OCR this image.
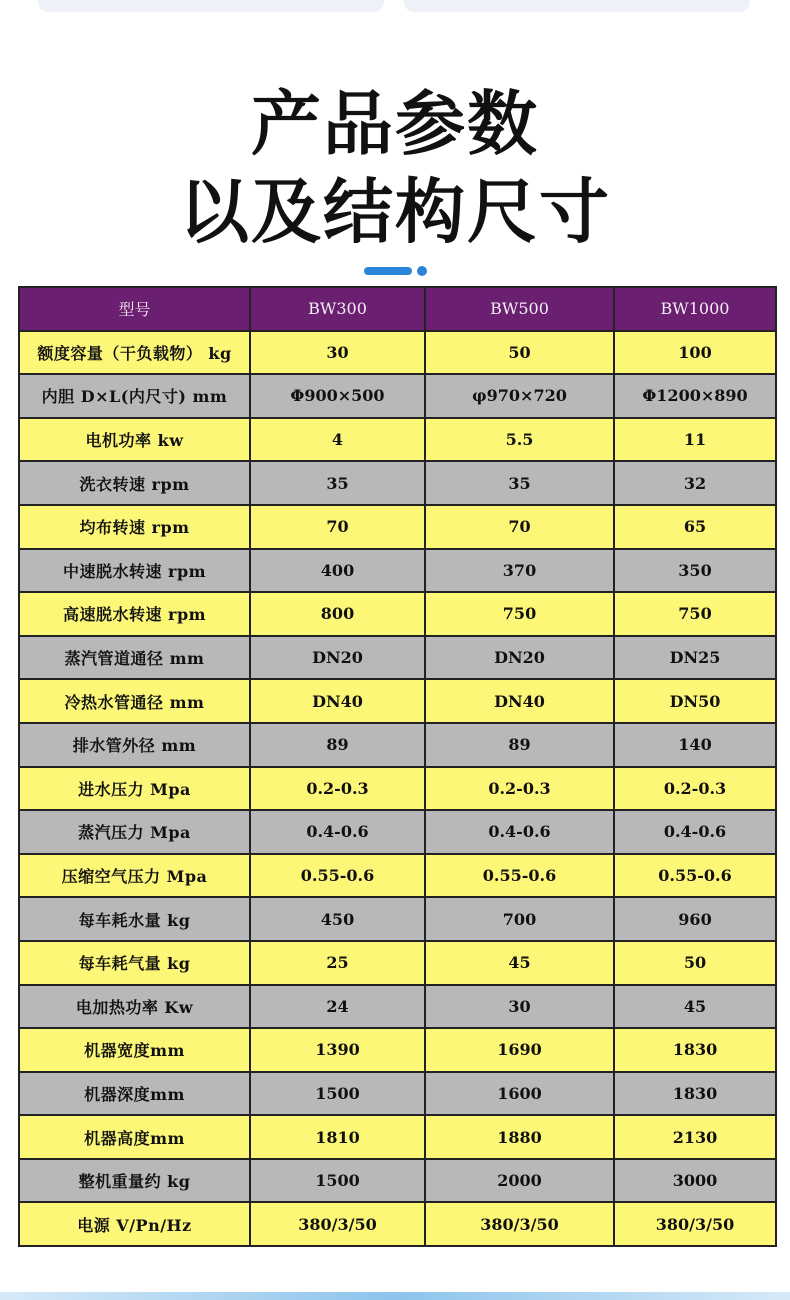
产品参数
以及结构尺寸
型号	BW300	BW500	BW1000
额度容量（干负载物） kg	30	50	100
内胆 D×L(内尺寸) mm	Φ900×500	φ970×720	Φ1200×890
电机功率 kw	4	5.5	11
洗衣转速 rpm	35	35	32
均布转速 rpm	70	70	65
中速脱水转速 rpm	400	370	350
高速脱水转速 rpm	800	750	750
蒸汽管道通径 mm	DN20	DN20	DN25
冷热水管通径 mm	DN40	DN40	DN50
排水管外径 mm	89	89	140
进水压力 Mpa	0.2-0.3	0.2-0.3	0.2-0.3
蒸汽压力 Mpa	0.4-0.6	0.4-0.6	0.4-0.6
压缩空气压力 Mpa	0.55-0.6	0.55-0.6	0.55-0.6
每车耗水量 kg	450	700	960
每车耗气量 kg	25	45	50
电加热功率 Kw	24	30	45
机器宽度mm	1390	1690	1830
机器深度mm	1500	1600	1830
机器高度mm	1810	1880	2130
整机重量约 kg	1500	2000	3000
电源 V/Pn/Hz	380/3/50	380/3/50	380/3/50
